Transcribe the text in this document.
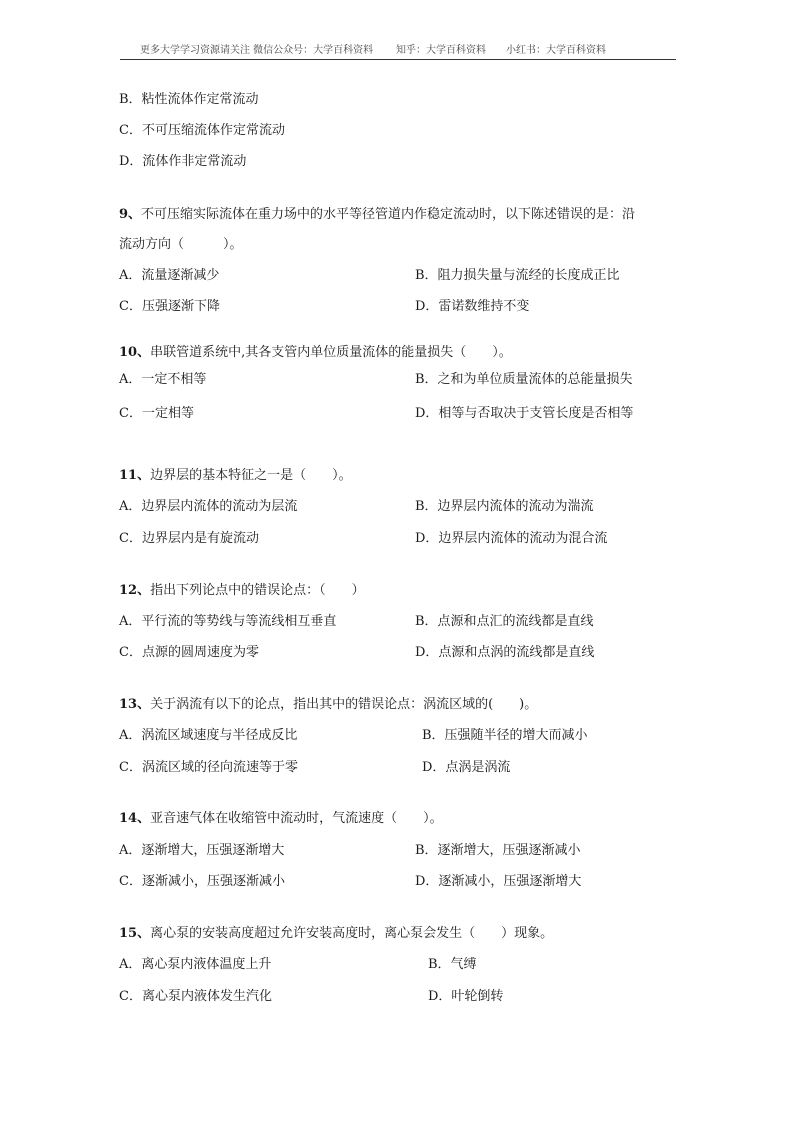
更多大学学习资源请关注 微信公众号：大学百科资料 知乎：大学百科资料 小红书：大学百科资料
B．粘性流体作定常流动
C．不可压缩流体作定常流动
D．流体作非定常流动
9、不可压缩实际流体在重力场中的水平等径管道内作稳定流动时，以下陈述错误的是：沿
流动方向（　　　）。
A．流量逐渐减少	B．阻力损失量与流经的长度成正比
C．压强逐渐下降	D．雷诺数维持不变
10、串联管道系统中,其各支管内单位质量流体的能量损失（　　）。
A．一定不相等	B．之和为单位质量流体的总能量损失
C．一定相等	D．相等与否取决于支管长度是否相等
11、边界层的基本特征之一是（　　）。
A．边界层内流体的流动为层流	B．边界层内流体的流动为湍流
C．边界层内是有旋流动	D．边界层内流体的流动为混合流
12、指出下列论点中的错误论点：（　　）
A．平行流的等势线与等流线相互垂直	B．点源和点汇的流线都是直线
C．点源的圆周速度为零	D．点源和点涡的流线都是直线
13、关于涡流有以下的论点，指出其中的错误论点：涡流区域的(　　)。
A．涡流区域速度与半径成反比	B．压强随半径的增大而减小
C．涡流区域的径向流速等于零	D．点涡是涡流
14、亚音速气体在收缩管中流动时，气流速度（　　）。
A．逐渐增大，压强逐渐增大	B．逐渐增大，压强逐渐减小
C．逐渐减小，压强逐渐减小	D．逐渐减小，压强逐渐增大
15、离心泵的安装高度超过允许安装高度时，离心泵会发生（　　）现象。
A．离心泵内液体温度上升	B．气缚
C．离心泵内液体发生汽化	D．叶轮倒转
